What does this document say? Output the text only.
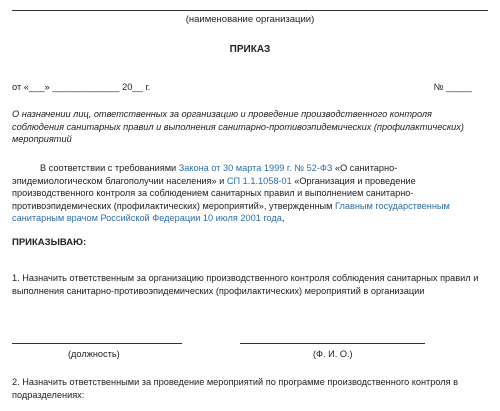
(наименование организации)
ПРИКАЗ
от «___» _____________ 20__ г.	№ _____
О назначении лиц, ответственных за организацию и проведение производственного контроля соблюдения санитарных правил и выполнения санитарно-противоэпидемических (профилактических) мероприятий
В соответствии с требованиями Закона от 30 марта 1999 г. № 52-ФЗ «О санитарно-эпидемиологическом благополучии населения» и СП 1.1.1058-01 «Организация и проведение производственного контроля за соблюдением санитарных правил и выполнением санитарно-противоэпидемических (профилактических) мероприятий», утвержденным Главным государственным санитарным врачом Российской Федерации 10 июля 2001 года,
ПРИКАЗЫВАЮ:
1. Назначить ответственным за организацию производственного контроля соблюдения санитарных правил и выполнения санитарно-противоэпидемических (профилактических) мероприятий в организации
(должность)	(Ф. И. О.)
2. Назначить ответственными за проведение мероприятий по программе производственного контроля в подразделениях:
